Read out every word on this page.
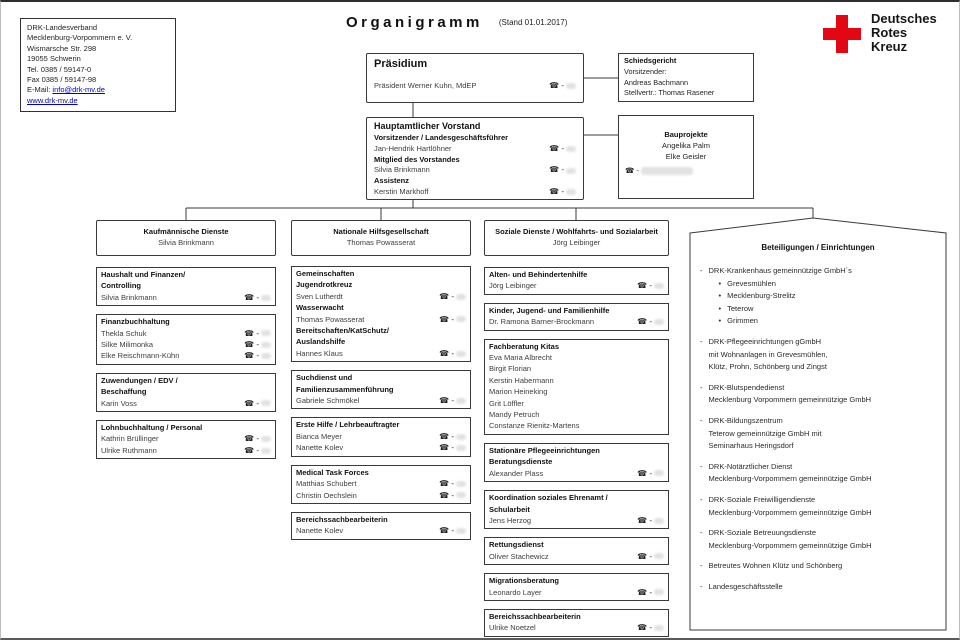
DRK-Landesverband
Mecklenburg-Vorpommern e. V.
Wismarsche Str. 298
19055 Schwerin
Tel. 0385 / 59147-0
Fax 0385 / 59147-98
E-Mail: info@drk-mv.de
www.drk-mv.de
Organigramm (Stand 01.01.2017)	Deutsches
Rotes
Kreuz
Präsidium
Präsident Werner Kuhn, MdEP	☎ -
Schiedsgericht
Vorsitzender:
Andreas Bachmann
Stellvertr.: Thomas Rasener
Hauptamtlicher Vorstand
Vorsitzender / Landesgeschäftsführer
Jan-Hendrik Hartlöhner	☎ -
Mitglied des Vorstandes
Silvia Brinkmann	☎ -
Assistenz
Kerstin Markhoff	☎ -
Bauprojekte
Angelika Palm
Elke Geisler
☎ -
Kaufmännische Dienste
Silvia Brinkmann
Nationale Hilfsgesellschaft
Thomas Powasserat
Soziale Dienste / Wohlfahrts- und Sozialarbeit
Jörg Leibinger
Haushalt und Finanzen/
Controlling
Silvia Brinkmann	☎ -
Finanzbuchhaltung
Thekla Schuk	☎ -
Silke Milimonka	☎ -
Elke Reischmann-Kühn	☎ -
Zuwendungen / EDV /
Beschaffung
Karin Voss	☎ -
Lohnbuchhaltung / Personal
Kathrin Brüllinger	☎ -
Ulrike Ruthmann	☎ -
Gemeinschaften
Jugendrotkreuz
Sven Lutherdt	☎ -
Wasserwacht
Thomas Powasserat	☎ -
Bereitschaften/KatSchutz/
Auslandshilfe
Hannes Klaus	☎ -
Suchdienst und
Familienzusammenführung
Gabriele Schmökel	☎ -
Erste Hilfe / Lehrbeauftragter
Bianca Meyer	☎ -
Nanette Kolev	☎ -
Medical Task Forces
Matthias Schubert	☎ -
Christin Oechslein	☎ -
Bereichssachbearbeiterin
Nanette Kolev	☎ -
Alten- und Behindertenhilfe
Jörg Leibinger	☎ -
Kinder, Jugend- und Familienhilfe
Dr. Ramona Barner-Brockmann	☎ -
Fachberatung Kitas
Eva Maria Albrecht
Birgit Florian
Kerstin Habermann
Marion Heineking
Grit Löffler
Mandy Petruch
Constanze Rienitz-Martens
Stationäre Pflegeeinrichtungen
Beratungsdienste
Alexander Plass	☎ -
Koordination soziales Ehrenamt /
Schularbeit
Jens Herzog	☎ -
Rettungsdienst
Oliver Stachewicz	☎ -
Migrationsberatung
Leonardo Layer	☎ -
Bereichssachbearbeiterin
Ulrike Noetzel	☎ -
Beteiligungen / Einrichtungen
- DRK-Krankenhaus gemeinnützige GmbH´s
• Grevesmühlen
• Mecklenburg-Strelitz
• Teterow
• Grimmen
- DRK-Pflegeeinrichtungen gGmbH
mit Wohnanlagen in Grevesmühlen,
Klütz, Prohn, Schönberg und Zingst
- DRK-Blutspendedienst
Mecklenburg Vorpommern gemeinnützige GmbH
- DRK-Bildungszentrum
Teterow gemeinnützige GmbH mit
Seminarhaus Heringsdorf
- DRK-Notärztlicher Dienst
Mecklenburg-Vorpommern gemeinnützige GmbH
- DRK-Soziale Freiwilligendienste
Mecklenburg-Vorpommern gemeinnützige GmbH
- DRK-Soziale Betreuungsdienste
Mecklenburg-Vorpommern gemeinnützige GmbH
- Betreutes Wohnen Klütz und Schönberg
- Landesgeschäftsstelle
